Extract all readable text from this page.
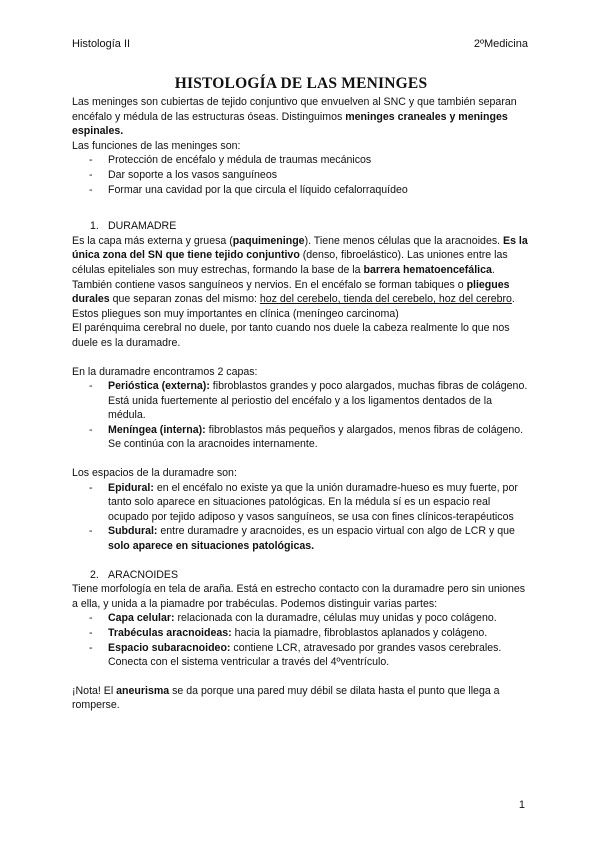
Histología II	2ºMedicina
HISTOLOGÍA DE LAS MENINGES

Las meninges son cubiertas de tejido conjuntivo que envuelven al SNC y que también separan encéfalo y médula de las estructuras óseas. Distinguimos meninges craneales y meninges espinales.

Las funciones de las meninges son:

- Protección de encéfalo y médula de traumas mecánicos
- Dar soporte a los vasos sanguíneos
- Formar una cavidad por la que circula el líquido cefalorraquídeo

1. DURAMADRE

Es la capa más externa y gruesa (paquimeninge). Tiene menos células que la aracnoides. Es la única zona del SN que tiene tejido conjuntivo (denso, fibroelástico). Las uniones entre las células epiteliales son muy estrechas, formando la base de la barrera hematoencefálica. También contiene vasos sanguíneos y nervios. En el encéfalo se forman tabiques o pliegues durales que separan zonas del mismo: hoz del cerebelo, tienda del cerebelo, hoz del cerebro. Estos pliegues son muy importantes en clínica (meníngeo carcinoma)

El parénquima cerebral no duele, por tanto cuando nos duele la cabeza realmente lo que nos duele es la duramadre.

En la duramadre encontramos 2 capas:

- Perióstica (externa): fibroblastos grandes y poco alargados, muchas fibras de colágeno. Está unida fuertemente al periostio del encéfalo y a los ligamentos dentados de la médula.
- Meníngea (interna): fibroblastos más pequeños y alargados, menos fibras de colágeno. Se continúa con la aracnoides internamente.

Los espacios de la duramadre son:

- Epidural: en el encéfalo no existe ya que la unión duramadre-hueso es muy fuerte, por tanto solo aparece en situaciones patológicas. En la médula sí es un espacio real ocupado por tejido adiposo y vasos sanguíneos, se usa con fines clínicos-terapéuticos
- Subdural: entre duramadre y aracnoides, es un espacio virtual con algo de LCR y que solo aparece en situaciones patológicas.

2. ARACNOIDES

Tiene morfología en tela de araña. Está en estrecho contacto con la duramadre pero sin uniones a ella, y unida a la piamadre por trabéculas. Podemos distinguir varias partes:

- Capa celular: relacionada con la duramadre, células muy unidas y poco colágeno.
- Trabéculas aracnoideas: hacia la piamadre, fibroblastos aplanados y colágeno.
- Espacio subaracnoideo: contiene LCR, atravesado por grandes vasos cerebrales. Conecta con el sistema ventricular a través del 4ºventrículo.

¡Nota! El aneurisma se da porque una pared muy débil se dilata hasta el punto que llega a romperse.

1
